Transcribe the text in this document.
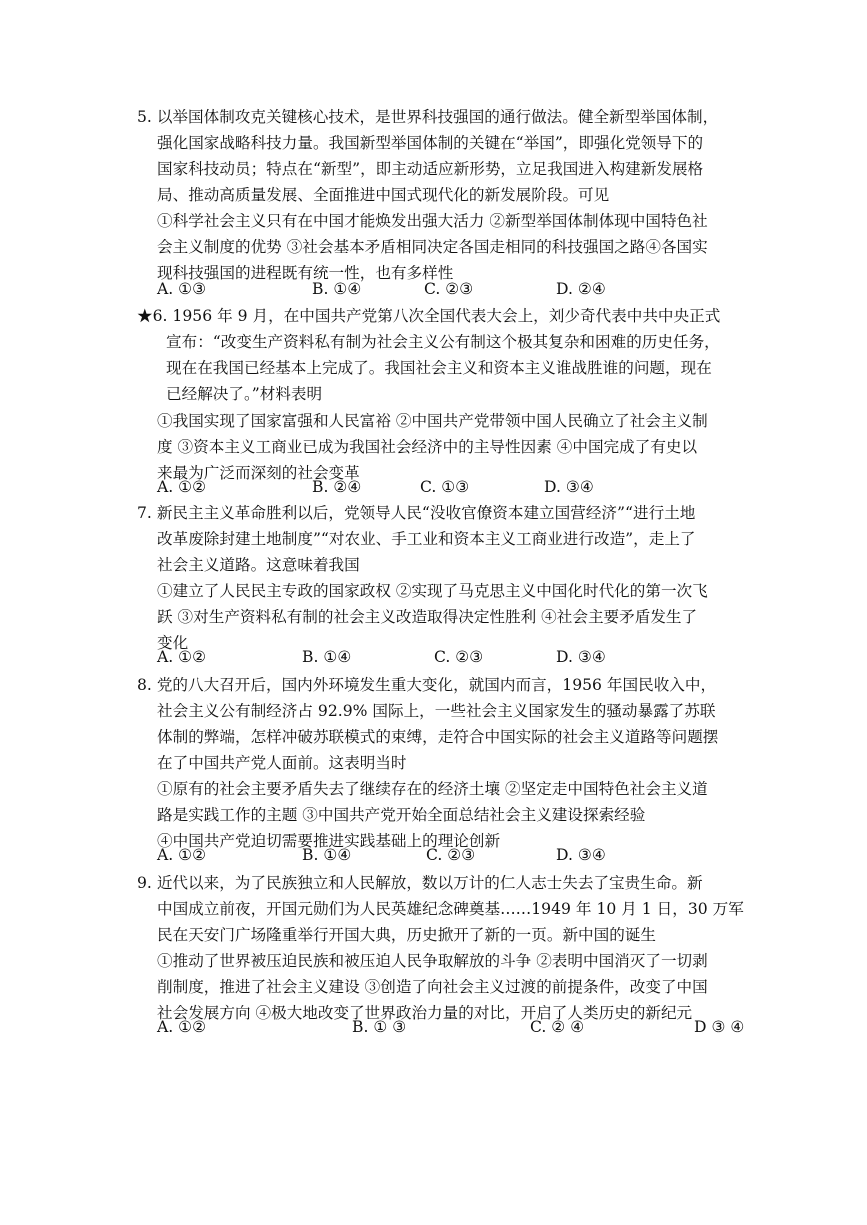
5. 以举国体制攻克关键核心技术，是世界科技强国的通行做法。健全新型举国体制，
强化国家战略科技力量。我国新型举国体制的关键在“举国”，即强化党领导下的
国家科技动员；特点在“新型”，即主动适应新形势，立足我国进入构建新发展格
局、推动高质量发展、全面推进中国式现代化的新发展阶段。可见
①科学社会主义只有在中国才能焕发出强大活力 ②新型举国体制体现中国特色社
会主义制度的优势 ③社会基本矛盾相同决定各国走相同的科技强国之路④各国实
现科技强国的进程既有统一性，也有多样性
A. ①③	B. ①④	C. ②③	D. ②④
★6. 1956 年 9 月，在中国共产党第八次全国代表大会上，刘少奇代表中共中央正式
宣布：“改变生产资料私有制为社会主义公有制这个极其复杂和困难的历史任务，
现在在我国已经基本上完成了。我国社会主义和资本主义谁战胜谁的问题，现在
已经解决了。”材料表明
①我国实现了国家富强和人民富裕 ②中国共产党带领中国人民确立了社会主义制
度 ③资本主义工商业已成为我国社会经济中的主导性因素 ④中国完成了有史以
来最为广泛而深刻的社会变革
A. ①②	B. ②④	C. ①③	D. ③④
7. 新民主主义革命胜利以后，党领导人民“没收官僚资本建立国营经济”“进行土地
改革废除封建土地制度”“对农业、手工业和资本主义工商业进行改造”，走上了
社会主义道路。这意味着我国
①建立了人民民主专政的国家政权 ②实现了马克思主义中国化时代化的第一次飞
跃 ③对生产资料私有制的社会主义改造取得决定性胜利 ④社会主要矛盾发生了
变化
A. ①②	B. ①④	C. ②③	D. ③④
8. 党的八大召开后，国内外环境发生重大变化，就国内而言，1956 年国民收入中，
社会主义公有制经济占 92.9% 国际上，一些社会主义国家发生的骚动暴露了苏联
体制的弊端，怎样冲破苏联模式的束缚，走符合中国实际的社会主义道路等问题摆
在了中国共产党人面前。这表明当时
①原有的社会主要矛盾失去了继续存在的经济土壤 ②坚定走中国特色社会主义道
路是实践工作的主题 ③中国共产党开始全面总结社会主义建设探索经验
④中国共产党迫切需要推进实践基础上的理论创新
A. ①②	B. ①④	C. ②③	D. ③④
9. 近代以来，为了民族独立和人民解放，数以万计的仁人志士失去了宝贵生命。新
中国成立前夜，开国元勋们为人民英雄纪念碑奠基……1949 年 10 月 1 日，30 万军
民在天安门广场隆重举行开国大典，历史掀开了新的一页。新中国的诞生
①推动了世界被压迫民族和被压迫人民争取解放的斗争 ②表明中国消灭了一切剥
削制度，推进了社会主义建设 ③创造了向社会主义过渡的前提条件，改变了中国
社会发展方向 ④极大地改变了世界政治力量的对比，开启了人类历史的新纪元
A. ①②	B. ① ③	C. ② ④	D ③ ④
